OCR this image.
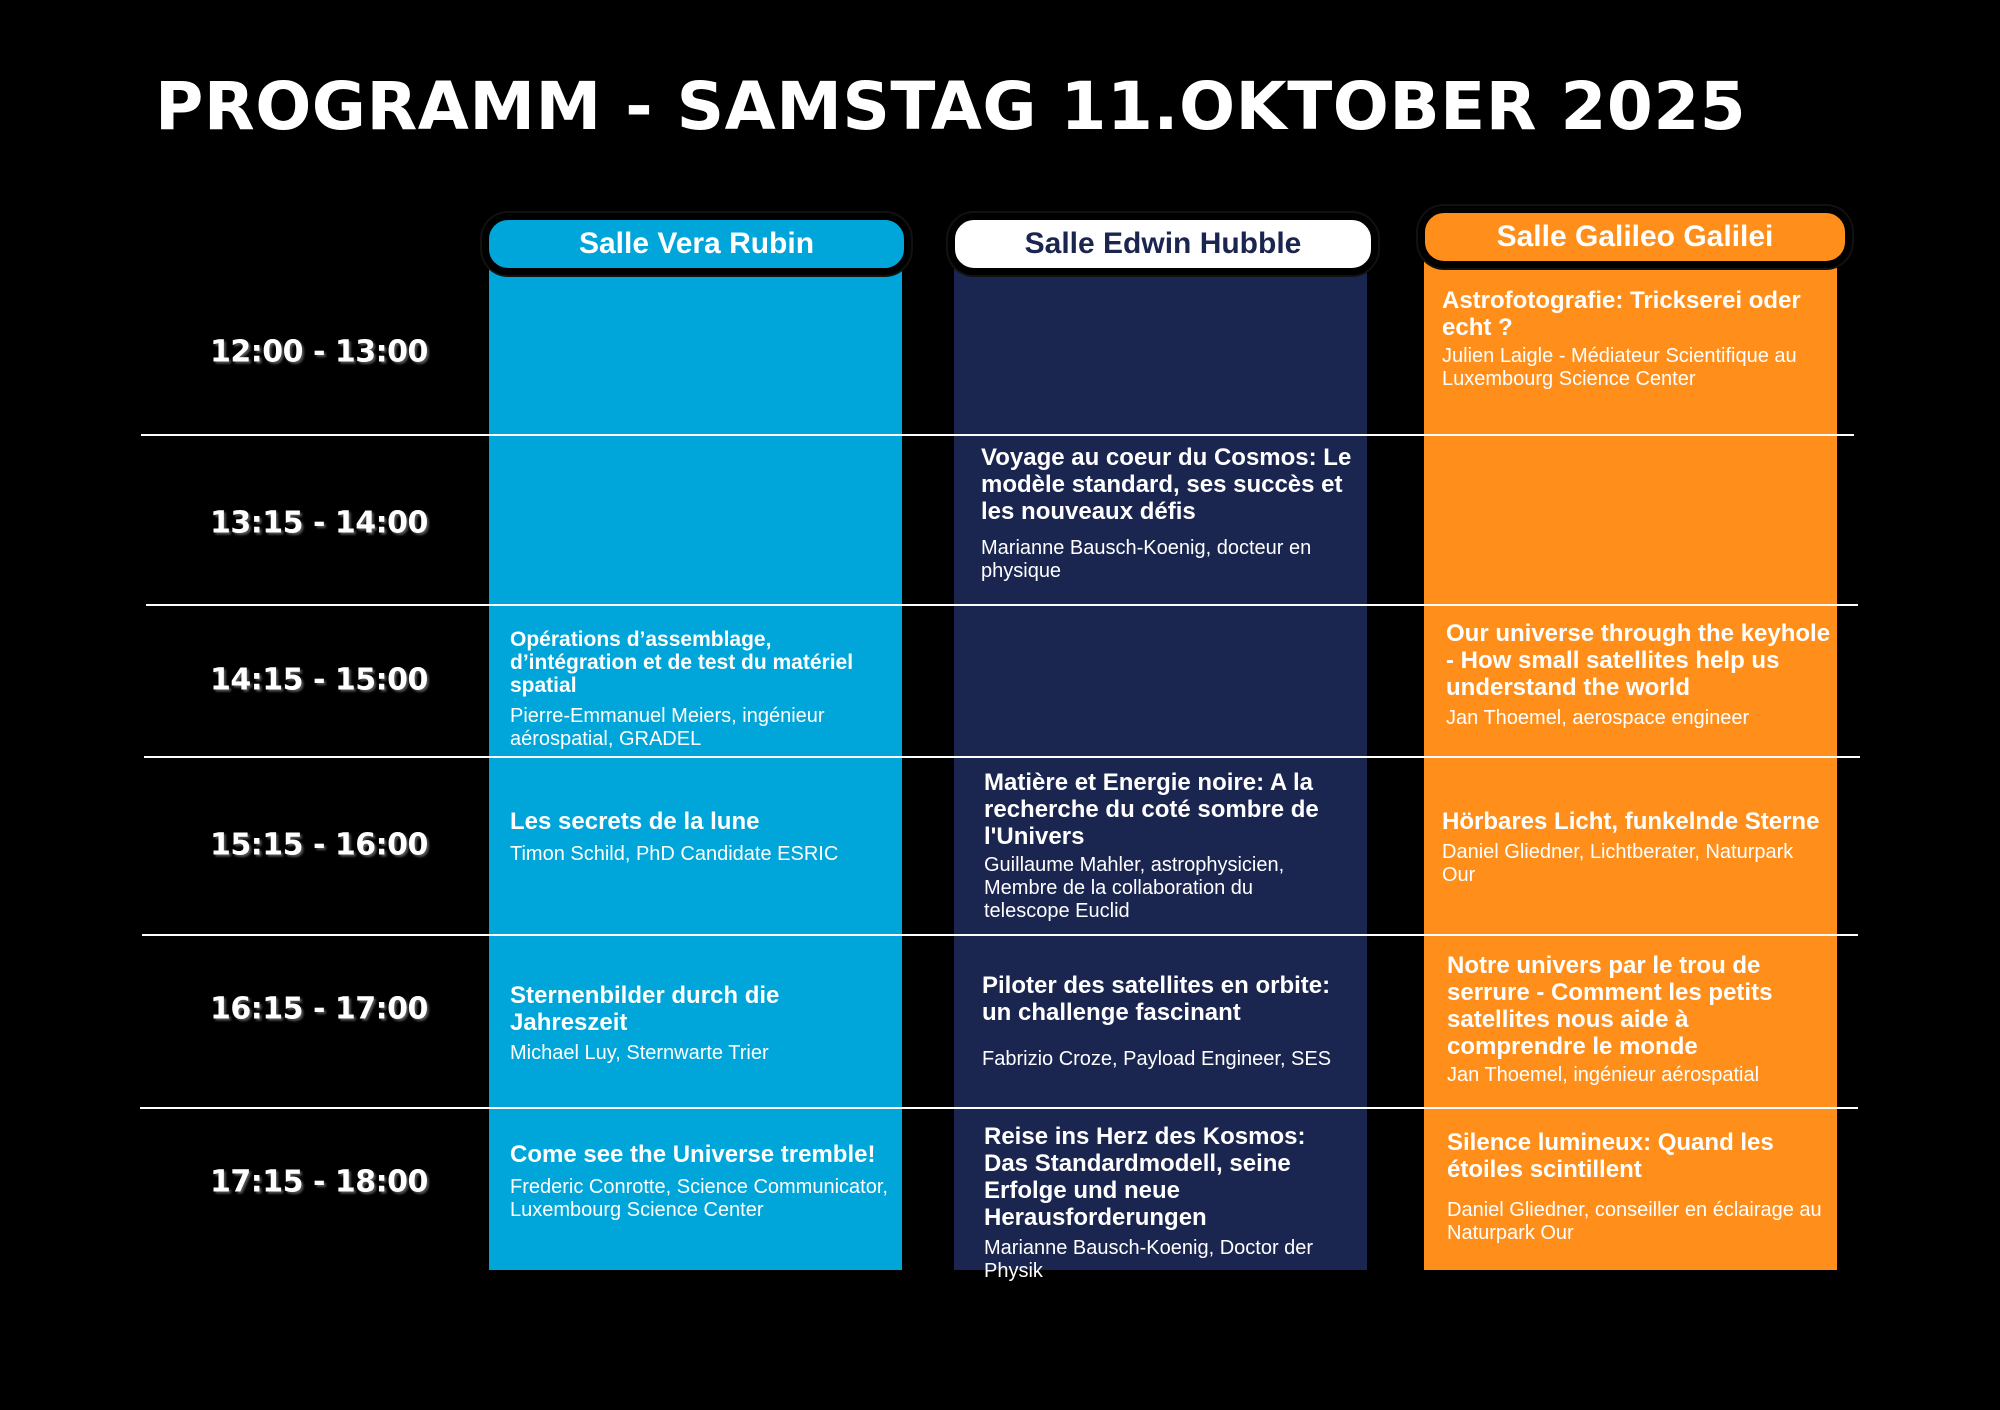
PROGRAMM - SAMSTAG 11.OKTOBER 2025
Salle Vera Rubin	Salle Edwin Hubble	Salle Galileo Galilei
12:00 - 13:00
13:15 - 14:00
14:15 - 15:00
15:15 - 16:00
16:15 - 17:00
17:15 - 18:00
Astrofotografie: Trickserei oder echt ?
Julien Laigle - Médiateur Scientifique au Luxembourg Science Center
Voyage au coeur du Cosmos: Le modèle standard, ses succès et les nouveaux défis
Marianne Bausch-Koenig, docteur en physique
Opérations d’assemblage, d’intégration et de test du matériel spatial
Pierre-Emmanuel Meiers, ingénieur aérospatial, GRADEL
Our universe through the keyhole - How small satellites help us understand the world
Jan Thoemel, aerospace engineer
Les secrets de la lune
Timon Schild, PhD Candidate ESRIC
Matière et Energie noire: A la recherche du coté sombre de l'Univers
Guillaume Mahler, astrophysicien, Membre de la collaboration du telescope Euclid
Hörbares Licht, funkelnde Sterne
Daniel Gliedner, Lichtberater, Naturpark Our
Sternenbilder durch die Jahreszeit
Michael Luy, Sternwarte Trier
Piloter des satellites en orbite: un challenge fascinant
Fabrizio Croze, Payload Engineer, SES
Notre univers par le trou de serrure - Comment les petits satellites nous aide à comprendre le monde
Jan Thoemel, ingénieur aérospatial
Come see the Universe tremble!
Frederic Conrotte, Science Communicator, Luxembourg Science Center
Reise ins Herz des Kosmos: Das Standardmodell, seine Erfolge und neue Herausforderungen
Marianne Bausch-Koenig, Doctor der Physik
Silence lumineux: Quand les étoiles scintillent
Daniel Gliedner, conseiller en éclairage au Naturpark Our
